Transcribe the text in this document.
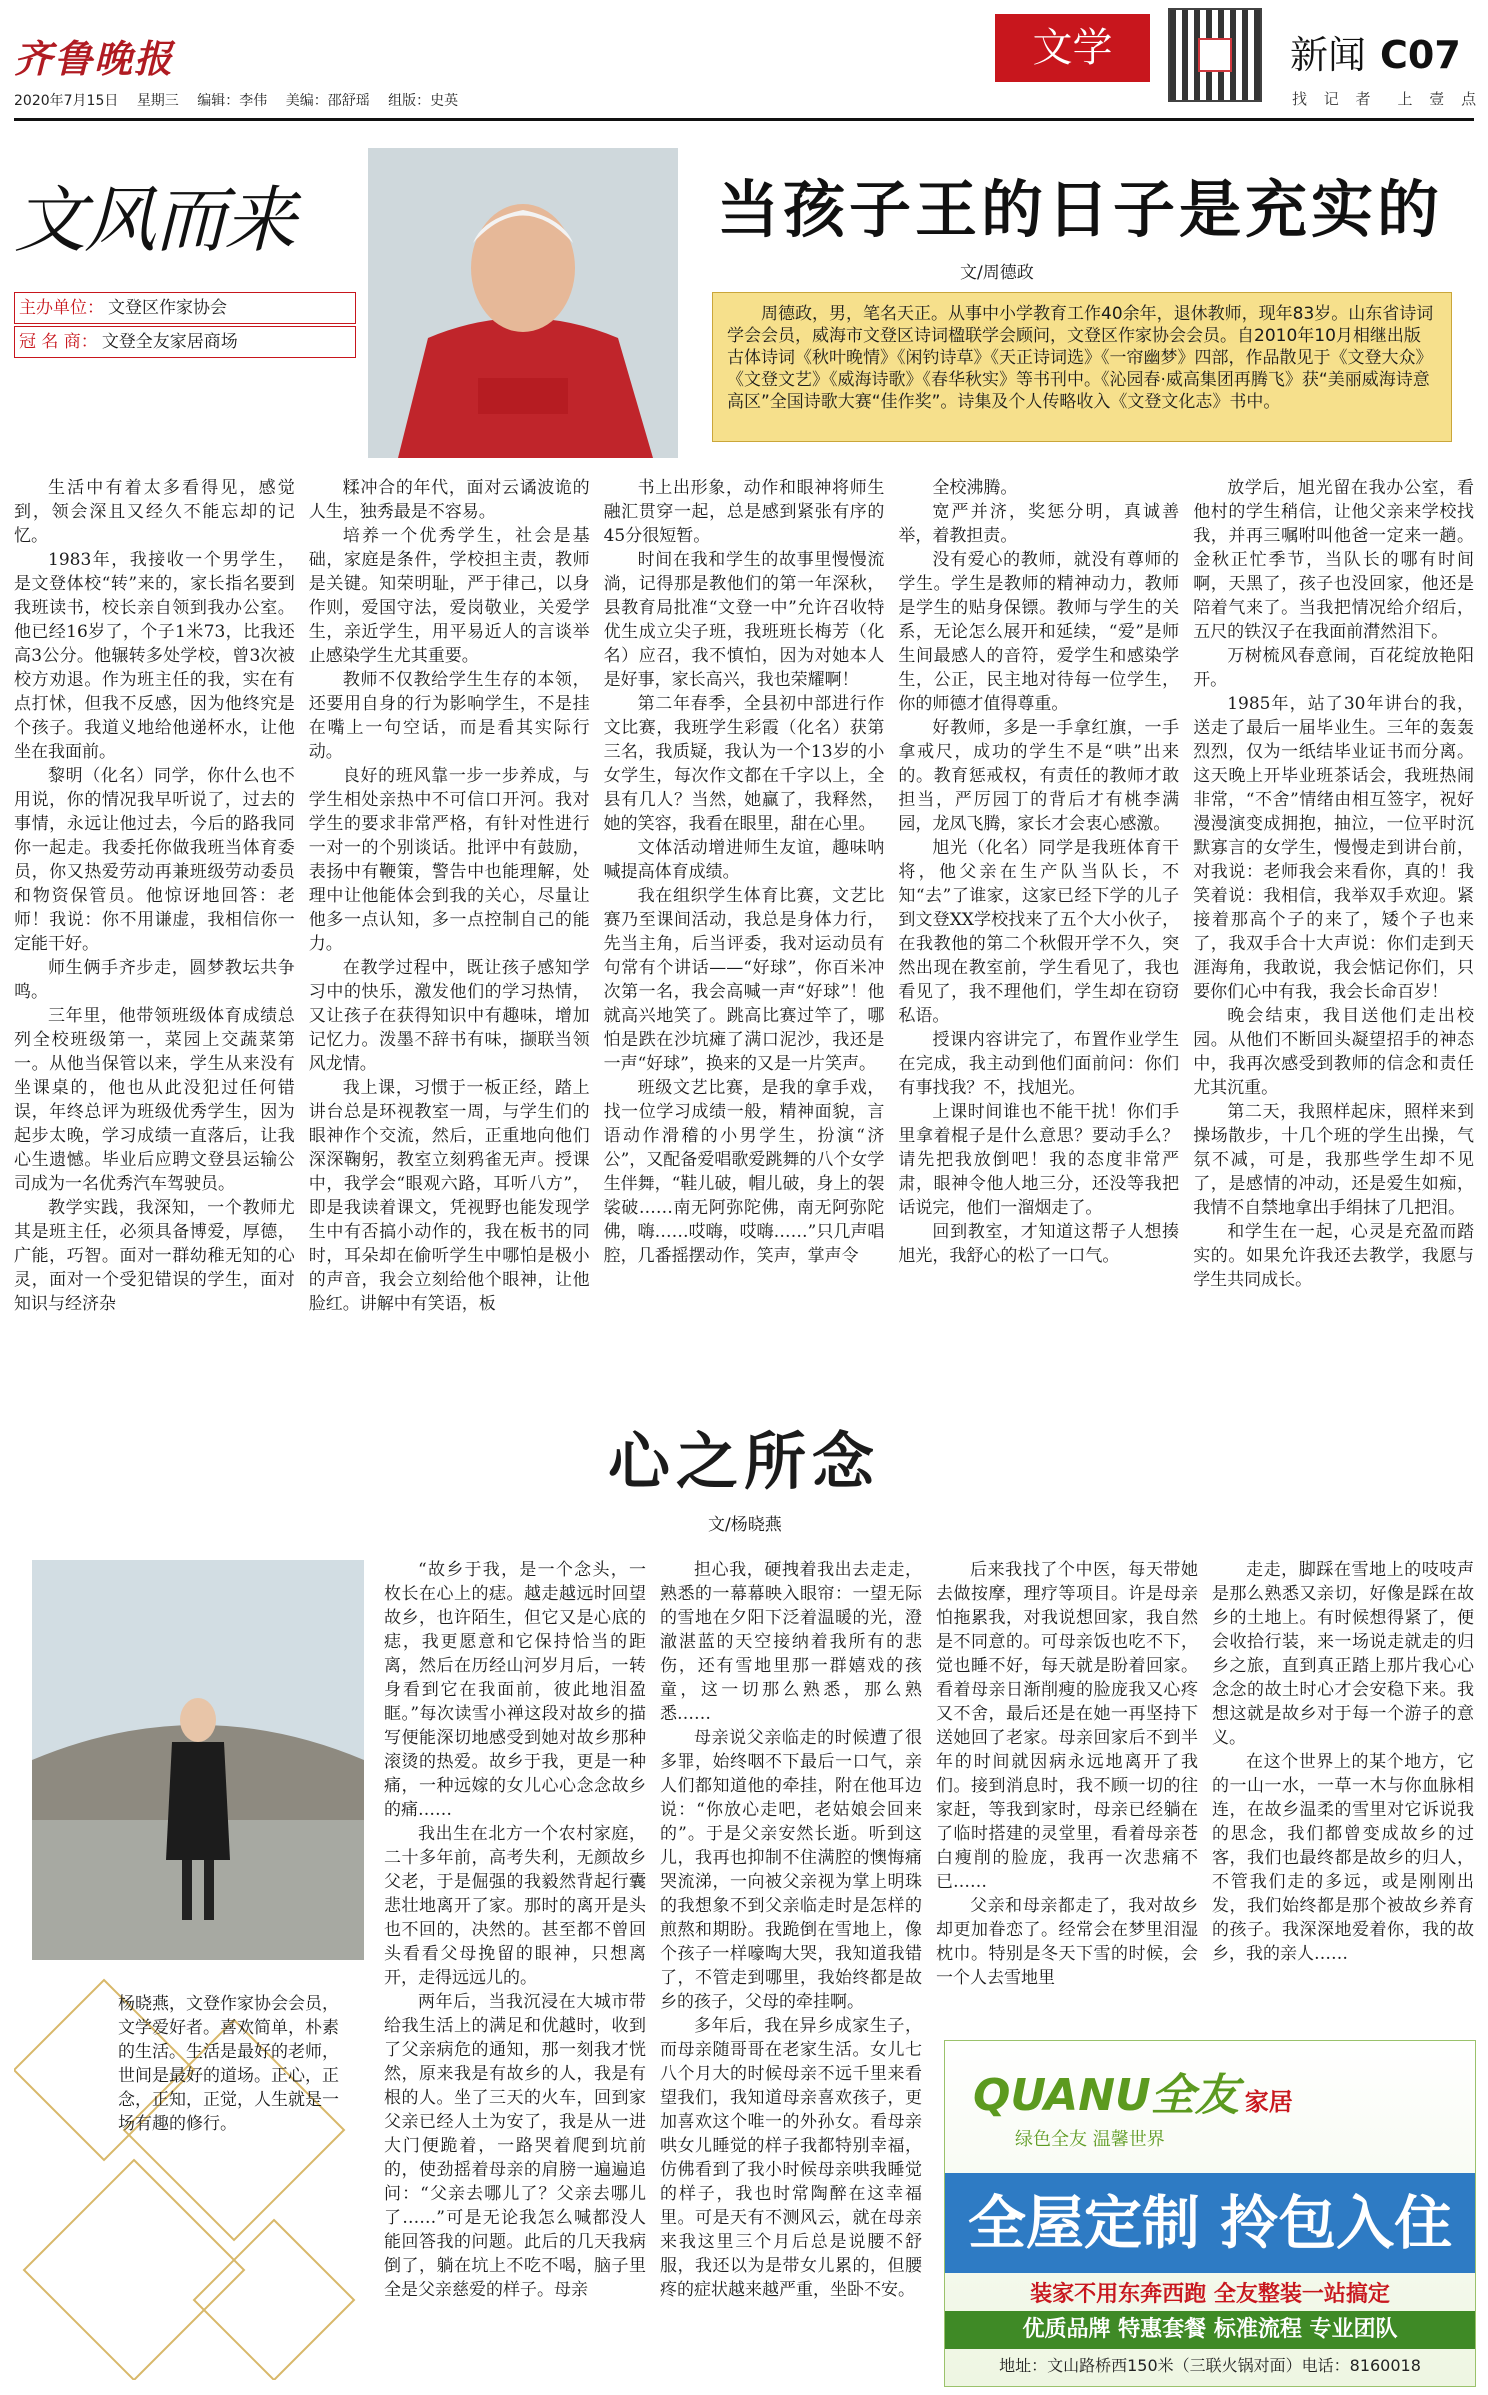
齐鲁晚报
2020年7月15日 星期三 编辑：李伟 美编：邵舒瑶 组版：史英
文学	新闻 C07
找 记 者　上 壹 点
文风而来
主办单位： 文登区作家协会
冠 名 商： 文登全友家居商场
当孩子王的日子是充实的
文/周德政
周德政，男，笔名天正。从事中小学教育工作40余年，退休教师，现年83岁。山东省诗词学会会员，威海市文登区诗词楹联学会顾问，文登区作家协会会员。自2010年10月相继出版古体诗词《秋叶晚情》《闲钓诗草》《天正诗词选》《一帘幽梦》四部，作品散见于《文登大众》《文登文艺》《威海诗歌》《春华秋实》等书刊中。《沁园春·威高集团再腾飞》获“美丽威海诗意高区”全国诗歌大赛“佳作奖”。诗集及个人传略收入《文登文化志》书中。

生活中有着太多看得见，感觉到，领会深且又经久不能忘却的记忆。

1983年，我接收一个男学生，是文登体校“转”来的，家长指名要到我班读书，校长亲自领到我办公室。他已经16岁了，个子1米73，比我还高3公分。他辗转多处学校，曾3次被校方劝退。作为班主任的我，实在有点打怵，但我不反感，因为他终究是个孩子。我道义地给他递杯水，让他坐在我面前。

黎明（化名）同学，你什么也不用说，你的情况我早听说了，过去的事情，永远让他过去，今后的路我同你一起走。我委托你做我班当体育委员，你又热爱劳动再兼班级劳动委员和物资保管员。他惊讶地回答：老师！我说：你不用谦虚，我相信你一定能干好。

师生俩手齐步走，圆梦教坛共争鸣。

三年里，他带领班级体育成绩总列全校班级第一，菜园上交蔬菜第一。从他当保管以来，学生从来没有坐课桌的，他也从此没犯过任何错误，年终总评为班级优秀学生，因为起步太晚，学习成绩一直落后，让我心生遗憾。毕业后应聘文登县运输公司成为一名优秀汽车驾驶员。

教学实践，我深知，一个教师尤其是班主任，必须具备博爱，厚德，广能，巧智。面对一群幼稚无知的心灵，面对一个受犯错误的学生，面对知识与经济杂

糅冲合的年代，面对云谲波诡的人生，独秀最是不容易。

培养一个优秀学生，社会是基础，家庭是条件，学校担主责，教师是关键。知荣明耻，严于律己，以身作则，爱国守法，爱岗敬业，关爱学生，亲近学生，用平易近人的言谈举止感染学生尤其重要。

教师不仅教给学生生存的本领，还要用自身的行为影响学生，不是挂在嘴上一句空话，而是看其实际行动。

良好的班风靠一步一步养成，与学生相处亲热中不可信口开河。我对学生的要求非常严格，有针对性进行一对一的个别谈话。批评中有鼓励，表扬中有鞭策，警告中也能理解，处理中让他能体会到我的关心，尽量让他多一点认知，多一点控制自己的能力。

在教学过程中，既让孩子感知学习中的快乐，激发他们的学习热情，又让孩子在获得知识中有趣味，增加记忆力。泼墨不辞书有味，撷联当领风龙情。

我上课，习惯于一板正经，踏上讲台总是环视教室一周，与学生们的眼神作个交流，然后，正重地向他们深深鞠躬，教室立刻鸦雀无声。授课中，我学会“眼观六路，耳听八方”，即是我读着课文，凭视野也能发现学生中有否搞小动作的，我在板书的同时，耳朵却在偷听学生中哪怕是极小的声音，我会立刻给他个眼神，让他脸红。讲解中有笑语，板

书上出形象，动作和眼神将师生融汇贯穿一起，总是感到紧张有序的45分很短暂。

时间在我和学生的故事里慢慢流淌，记得那是教他们的第一年深秋，县教育局批准“文登一中”允许召收特优生成立尖子班，我班班长梅芳（化名）应召，我不慎怕，因为对她本人是好事，家长高兴，我也荣耀啊！

第二年春季，全县初中部进行作文比赛，我班学生彩霞（化名）获第三名，我质疑，我认为一个13岁的小女学生，每次作文都在千字以上，全县有几人？当然，她赢了，我释然，她的笑容，我看在眼里，甜在心里。

文体活动增进师生友谊，趣味呐喊提高体育成绩。

我在组织学生体育比赛，文艺比赛乃至课间活动，我总是身体力行，先当主角，后当评委，我对运动员有句常有个讲话——“好球”，你百米冲次第一名，我会高喊一声“好球”！他就高兴地笑了。跳高比赛过竿了，哪怕是跌在沙坑瘫了满口泥沙，我还是一声“好球”，换来的又是一片笑声。

班级文艺比赛，是我的拿手戏，找一位学习成绩一般，精神面貌，言语动作滑稽的小男学生，扮演“济公”，又配备爱唱歌爱跳舞的八个女学生伴舞，“鞋儿破，帽儿破，身上的袈裟破……南无阿弥陀佛，南无阿弥陀佛，嗨……哎嗨，哎嗨……”只几声唱腔，几番摇摆动作，笑声，掌声令

全校沸腾。

宽严并济，奖惩分明，真诚善举，着教担责。

没有爱心的教师，就没有尊师的学生。学生是教师的精神动力，教师是学生的贴身保镖。教师与学生的关系，无论怎么展开和延续，“爱”是师生间最感人的音符，爱学生和感染学生，公正，民主地对待每一位学生，你的师德才值得尊重。

好教师，多是一手拿红旗，一手拿戒尺，成功的学生不是“哄”出来的。教育惩戒权，有责任的教师才敢担当，严厉园丁的背后才有桃李满园，龙凤飞腾，家长才会衷心感激。

旭光（化名）同学是我班体育干将，他父亲在生产队当队长，不知“去”了谁家，这家已经下学的儿子到文登XX学校找来了五个大小伙子，在我教他的第二个秋假开学不久，突然出现在教室前，学生看见了，我也看见了，我不理他们，学生却在窃窃私语。

授课内容讲完了，布置作业学生在完成，我主动到他们面前问：你们有事找我？不，找旭光。

上课时间谁也不能干扰！你们手里拿着棍子是什么意思？要动手么？请先把我放倒吧！我的态度非常严肃，眼神令他人地三分，还没等我把话说完，他们一溜烟走了。

回到教室，才知道这帮子人想揍旭光，我舒心的松了一口气。

放学后，旭光留在我办公室，看他村的学生稍信，让他父亲来学校找我，并再三嘱咐叫他爸一定来一趟。金秋正忙季节，当队长的哪有时间啊，天黑了，孩子也没回家，他还是陪着气来了。当我把情况给介绍后，五尺的铁汉子在我面前潸然泪下。

万树梳风春意闹，百花绽放艳阳开。

1985年，站了30年讲台的我，送走了最后一届毕业生。三年的轰轰烈烈，仅为一纸结毕业证书而分离。这天晚上开毕业班茶话会，我班热闹非常，“不舍”情绪由相互签字，祝好漫漫演变成拥抱，抽泣，一位平时沉默寡言的女学生，慢慢走到讲台前，对我说：老师我会来看你，真的！我笑着说：我相信，我举双手欢迎。紧接着那高个子的来了，矮个子也来了，我双手合十大声说：你们走到天涯海角，我敢说，我会惦记你们，只要你们心中有我，我会长命百岁！

晚会结束，我目送他们走出校园。从他们不断回头凝望招手的神态中，我再次感受到教师的信念和责任尤其沉重。

第二天，我照样起床，照样来到操场散步，十几个班的学生出操，气氛不减，可是，我那些学生却不见了，是感情的冲动，还是爱生如痴，我情不自禁地拿出手绢抹了几把泪。

和学生在一起，心灵是充盈而踏实的。如果允许我还去教学，我愿与学生共同成长。

心之所念
文/杨晓燕
杨晓燕，文登作家协会会员，文学爱好者。喜欢简单，朴素的生活。生活是最好的老师，世间是最好的道场。正心，正念，正知，正觉，人生就是一场有趣的修行。

“故乡于我，是一个念头，一枚长在心上的痣。越走越远时回望故乡，也许陌生，但它又是心底的痣，我更愿意和它保持恰当的距离，然后在历经山河岁月后，一转身看到它在我面前，彼此地泪盈眶。”每次读雪小禅这段对故乡的描写便能深切地感受到她对故乡那种滚烫的热爱。故乡于我，更是一种痛，一种远嫁的女儿心心念念故乡的痛……

我出生在北方一个农村家庭，二十多年前，高考失利，无颜故乡父老，于是倔强的我毅然背起行囊悲壮地离开了家。那时的离开是头也不回的，决然的。甚至都不曾回头看看父母挽留的眼神，只想离开，走得远远儿的。

两年后，当我沉浸在大城市带给我生活上的满足和优越时，收到了父亲病危的通知，那一刻我才恍然，原来我是有故乡的人，我是有根的人。坐了三天的火车，回到家父亲已经人土为安了，我是从一进大门便跪着，一路哭着爬到坑前的，使劲摇着母亲的肩膀一遍遍追问：“父亲去哪儿了？父亲去哪儿了……”可是无论我怎么喊都没人能回答我的问题。此后的几天我病倒了，躺在坑上不吃不喝，脑子里全是父亲慈爱的样子。母亲

担心我，硬拽着我出去走走，熟悉的一幕幕映入眼帘：一望无际的雪地在夕阳下泛着温暖的光，澄澈湛蓝的天空接纳着我所有的悲伤，还有雪地里那一群嬉戏的孩童，这一切那么熟悉，那么熟悉……

母亲说父亲临走的时候遭了很多罪，始终咽不下最后一口气，亲人们都知道他的牵挂，附在他耳边说：“你放心走吧，老姑娘会回来的”。于是父亲安然长逝。听到这儿，我再也抑制不住满腔的懊悔痛哭流涕，一向被父亲视为掌上明珠的我想象不到父亲临走时是怎样的煎熬和期盼。我跪倒在雪地上，像个孩子一样嚎啕大哭，我知道我错了，不管走到哪里，我始终都是故乡的孩子，父母的牵挂啊。

多年后，我在异乡成家生子，而母亲随哥哥在老家生活。女儿七八个月大的时候母亲不远千里来看望我们，我知道母亲喜欢孩子，更加喜欢这个唯一的外孙女。看母亲哄女儿睡觉的样子我都特别幸福，仿佛看到了我小时候母亲哄我睡觉的样子，我也时常陶醉在这幸福里。可是天有不测风云，就在母亲来我这里三个月后总是说腰不舒服，我还以为是带女儿累的，但腰疼的症状越来越严重，坐卧不安。

后来我找了个中医，每天带她去做按摩，理疗等项目。许是母亲怕拖累我，对我说想回家，我自然是不同意的。可母亲饭也吃不下，觉也睡不好，每天就是盼着回家。看着母亲日渐削瘦的脸庞我又心疼又不舍，最后还是在她一再坚持下送她回了老家。母亲回家后不到半年的时间就因病永远地离开了我们。接到消息时，我不顾一切的往家赶，等我到家时，母亲已经躺在了临时搭建的灵堂里，看着母亲苍白瘦削的脸庞，我再一次悲痛不已……

父亲和母亲都走了，我对故乡却更加眷恋了。经常会在梦里泪湿枕巾。特别是冬天下雪的时候，会一个人去雪地里

走走，脚踩在雪地上的吱吱声是那么熟悉又亲切，好像是踩在故乡的土地上。有时候想得紧了，便会收拾行装，来一场说走就走的归乡之旅，直到真正踏上那片我心心念念的故土时心才会安稳下来。我想这就是故乡对于每一个游子的意义。

在这个世界上的某个地方，它的一山一水，一草一木与你血脉相连，在故乡温柔的雪里对它诉说我的思念，我们都曾变成故乡的过客，我们也最终都是故乡的归人，不管我们走的多远，或是刚刚出发，我们始终都是那个被故乡养育的孩子。我深深地爱着你，我的故乡，我的亲人……

QUANU全友 家居
绿色全友 温馨世界
全屋定制 拎包入住
装家不用东奔西跑 全友整装一站搞定
优质品牌 特惠套餐 标准流程 专业团队
地址：文山路桥西150米（三联火锅对面）电话：8160018
